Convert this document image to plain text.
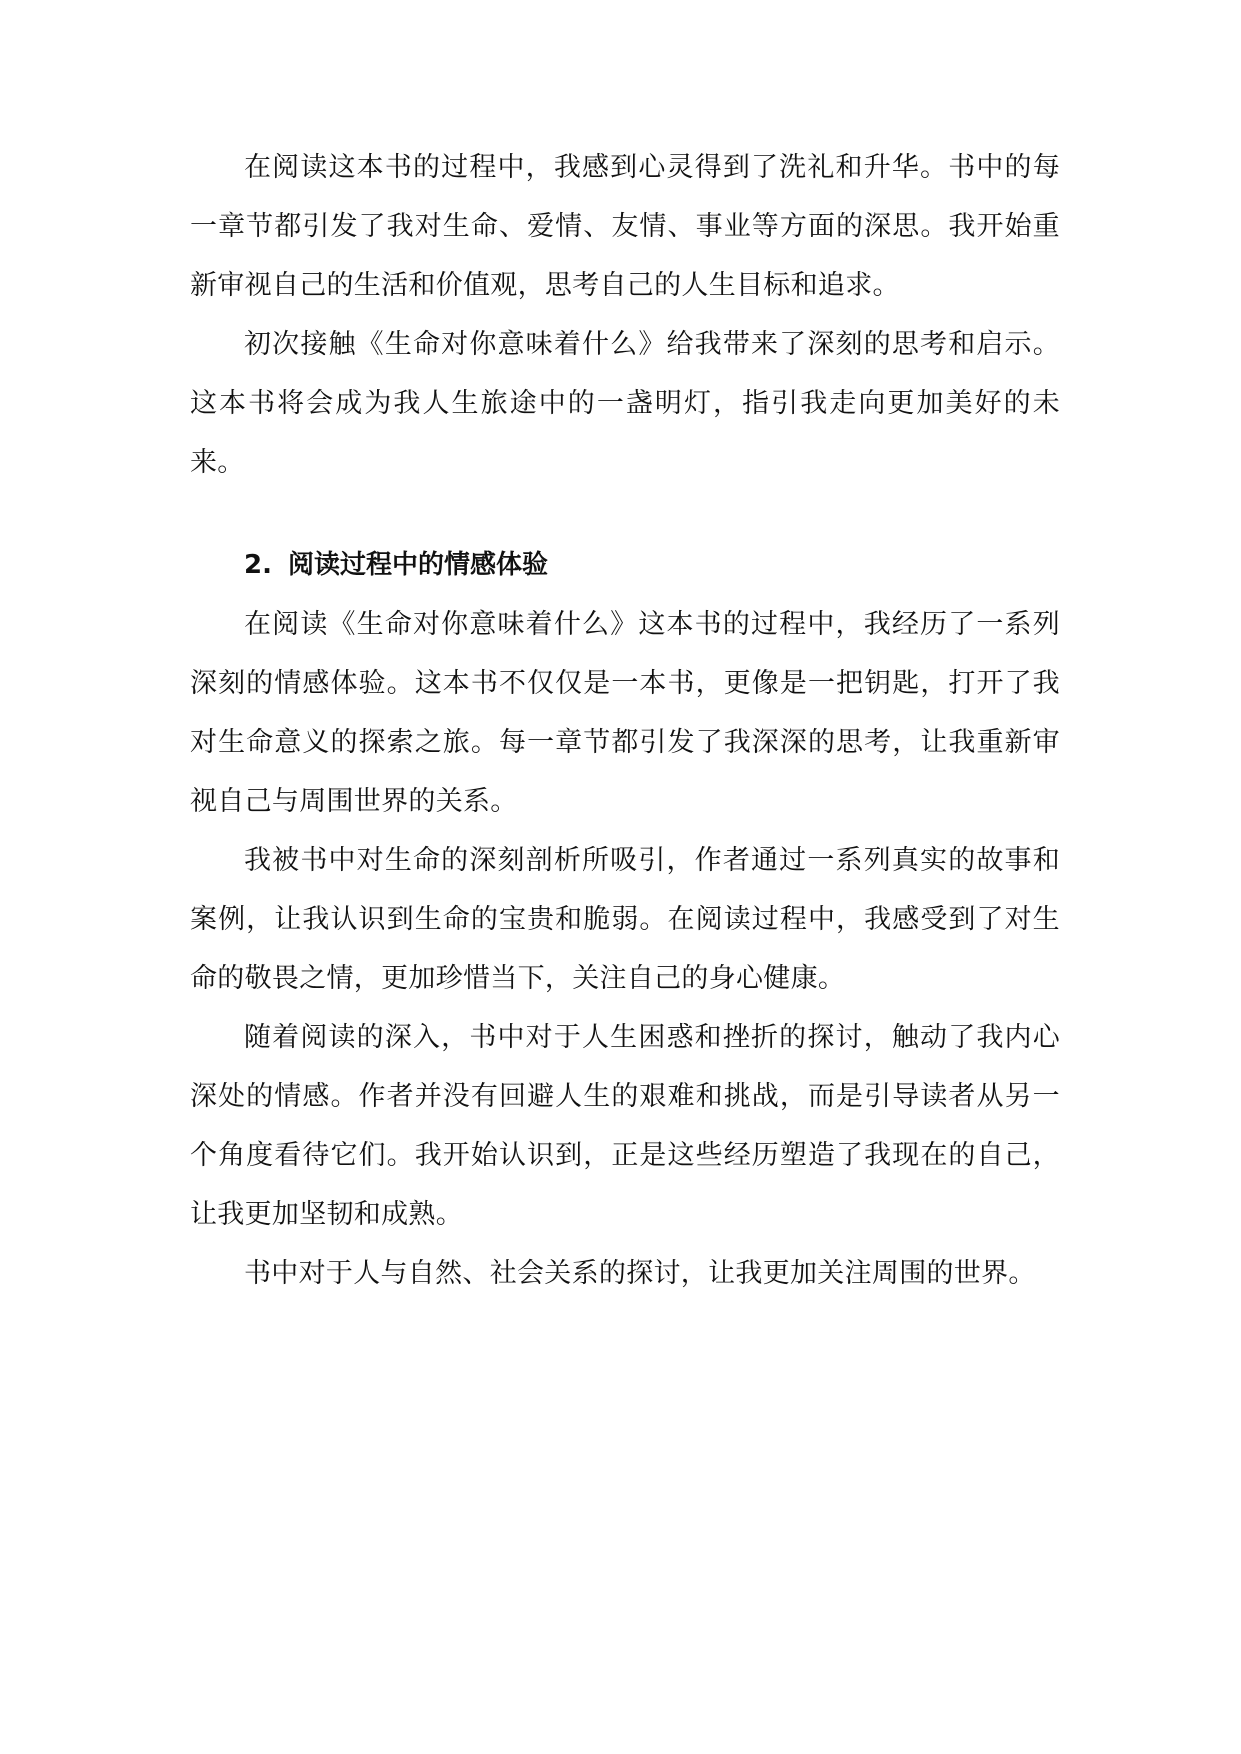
在阅读这本书的过程中，我感到心灵得到了洗礼和升华。书中的每一章节都引发了我对生命、爱情、友情、事业等方面的深思。我开始重新审视自己的生活和价值观，思考自己的人生目标和追求。

初次接触《生命对你意味着什么》给我带来了深刻的思考和启示。这本书将会成为我人生旅途中的一盏明灯，指引我走向更加美好的未来。

2. 阅读过程中的情感体验

在阅读《生命对你意味着什么》这本书的过程中，我经历了一系列深刻的情感体验。这本书不仅仅是一本书，更像是一把钥匙，打开了我对生命意义的探索之旅。每一章节都引发了我深深的思考，让我重新审视自己与周围世界的关系。

我被书中对生命的深刻剖析所吸引，作者通过一系列真实的故事和案例，让我认识到生命的宝贵和脆弱。在阅读过程中，我感受到了对生命的敬畏之情，更加珍惜当下，关注自己的身心健康。

随着阅读的深入，书中对于人生困惑和挫折的探讨，触动了我内心深处的情感。作者并没有回避人生的艰难和挑战，而是引导读者从另一个角度看待它们。我开始认识到，正是这些经历塑造了我现在的自己，让我更加坚韧和成熟。

书中对于人与自然、社会关系的探讨，让我更加关注周围的世界。
